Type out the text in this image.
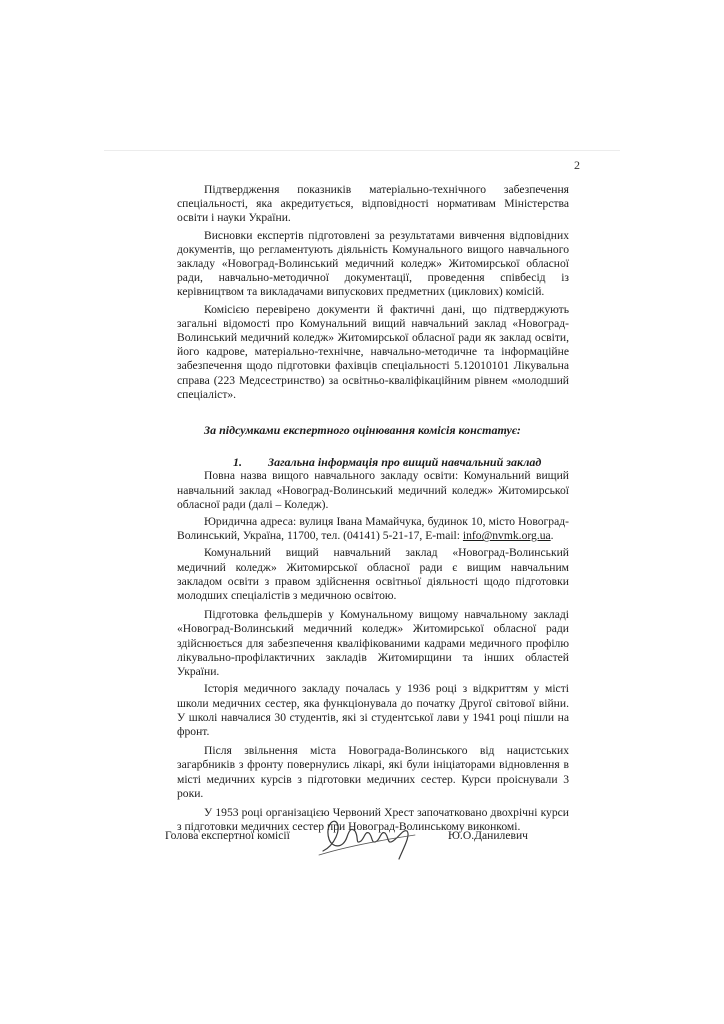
2

Підтвердження показників матеріально-технічного забезпечення спеціальності, яка акредитується, відповідності нормативам Міністерства освіти і науки України.

Висновки експертів підготовлені за результатами вивчення відповідних документів, що регламентують діяльність Комунального вищого навчального закладу «Новоград-Волинський медичний коледж» Житомирської обласної ради, навчально-методичної документації, проведення співбесід із керівництвом та викладачами випускових предметних (циклових) комісій.

Комісією перевірено документи й фактичні дані, що підтверджують загальні відомості про Комунальний вищий навчальний заклад «Новоград-Волинський медичний коледж» Житомирської обласної ради як заклад освіти, його кадрове, матеріально-технічне, навчально-методичне та інформаційне забезпечення щодо підготовки фахівців спеціальності 5.12010101 Лікувальна справа (223 Медсестринство) за освітньо-кваліфікаційним рівнем «молодший спеціаліст».

За підсумками експертного оцінювання комісія констатує:

1. Загальна інформація про вищий навчальний заклад

Повна назва вищого навчального закладу освіти: Комунальний вищий навчальний заклад «Новоград-Волинський медичний коледж» Житомирської обласної ради (далі – Коледж).

Юридична адреса: вулиця Івана Мамайчука, будинок 10, місто Новоград-Волинський, Україна, 11700, тел. (04141) 5-21-17, E-mail: info@nvmk.org.ua.

Комунальний вищий навчальний заклад «Новоград-Волинський медичний коледж» Житомирської обласної ради є вищим навчальним закладом освіти з правом здійснення освітньої діяльності щодо підготовки молодших спеціалістів з медичною освітою.

Підготовка фельдшерів у Комунальному вищому навчальному закладі «Новоград-Волинський медичний коледж» Житомирської обласної ради здійснюється для забезпечення кваліфікованими кадрами медичного профілю лікувально-профілактичних закладів Житомирщини та інших областей України.

Історія медичного закладу почалась у 1936 році з відкриттям у місті школи медичних сестер, яка функціонувала до початку Другої світової війни. У школі навчалися 30 студентів, які зі студентської лави у 1941 році пішли на фронт.

Після звільнення міста Новограда-Волинського від нацистських загарбників з фронту повернулись лікарі, які були ініціаторами відновлення в місті медичних курсів з підготовки медичних сестер. Курси проіснували 3 роки.

У 1953 році організацією Червоний Хрест започатковано двохрічні курси з підготовки медичних сестер при Новоград-Волинському виконкомі.

Голова експертної комісії	Ю.О.Данилевич
